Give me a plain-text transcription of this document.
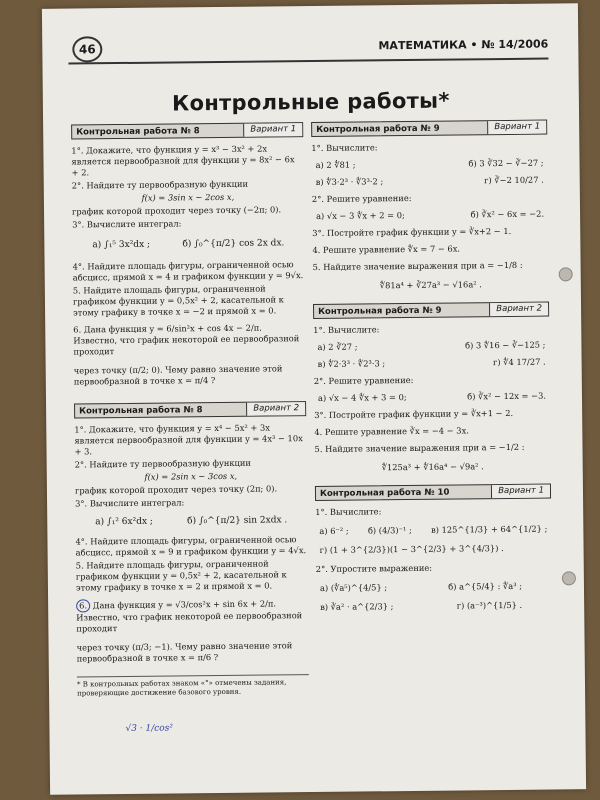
46	МАТЕМАТИКА • № 14/2006
Контрольные работы*
Контрольная работа № 8	Вариант 1

1°. Докажите, что функция y = x³ − 3x² + 2x является первообразной для функции y = 8x² − 6x + 2.

2°. Найдите ту первообразную функции

f(x) = 3sin x − 2cos x,

график которой проходит через точку (−2π; 0).

3°. Вычислите интеграл:

а) ∫₁⁵ 3x²dx ;	б) ∫₀^{π/2} cos 2x dx.

4°. Найдите площадь фигуры, ограниченной осью абсцисс, прямой x = 4 и графиком функции y = 9√x.

5. Найдите площадь фигуры, ограниченной графиком функции y = 0,5x² + 2, касательной к этому графику в точке x = −2 и прямой x = 0.

6. Дана функция y = 6/sin²x + cos 4x − 2/π. Известно, что график некоторой ее первообразной проходит

через точку (π/2; 0). Чему равно значение этой первообразной в точке x = π/4 ?

Контрольная работа № 8	Вариант 2

1°. Докажите, что функция y = x⁴ − 5x² + 3x является первообразной для функции y = 4x³ − 10x + 3.

2°. Найдите ту первообразную функции

f(x) = 2sin x − 3cos x,

график которой проходит через точку (2π; 0).

3°. Вычислите интеграл:

а) ∫₁² 6x²dx ;	б) ∫₀^{π/2} sin 2xdx .

4°. Найдите площадь фигуры, ограниченной осью абсцисс, прямой x = 9 и графиком функции y = 4√x.

5. Найдите площадь фигуры, ограниченной графиком функции y = 0,5x² + 2, касательной к этому графику в точке x = 2 и прямой x = 0.

6. Дана функция y = √3/cos²x + sin 6x + 2/π. Известно, что график некоторой ее первообразной проходит

через точку (π/3; −1). Чему равно значение этой первообразной в точке x = π/6 ?

* В контрольных работах знаком «°» отмечены задания, проверяющие достижение базового уровня.
Контрольная работа № 9	Вариант 1

1°. Вычислите:

а) 2 ∜81 ;	б) 3 ∛32 − ∛−27 ;
в) ∜3·2³ · ∜3³·2 ;	г) ∛−2 10/27 .

2°. Решите уравнение:

а) √x − 3 ∜x + 2 = 0;	б) ∛x² − 6x = −2.

3°. Постройте график функции y = ∛x+2 − 1.

4. Решите уравнение ∜x = 7 − 6x.

5. Найдите значение выражения при a = −1/8 :

∜81a⁴ + ∛27a³ − √16a² .

Контрольная работа № 9	Вариант 2

1°. Вычислите:

а) 2 ∛27 ;	б) 3 ∜16 − ∛−125 ;
в) ∜2·3³ · ∜2³·3 ;	г) ∜4 17/27 .

2°. Решите уравнение:

а) √x − 4 ∜x + 3 = 0;	б) ∛x² − 12x = −3.

3°. Постройте график функции y = ∛x+1 − 2.

4. Решите уравнение ∛x = −4 − 3x.

5. Найдите значение выражения при a = −1/2 :

∜125a³ + ∜16a⁴ − √9a² .

Контрольная работа № 10	Вариант 1

1°. Вычислите:

а) 6⁻² ; б) (4/3)⁻¹ ; в) 125^{1/3} + 64^{1/2} ;

г) (1 + 3^{2/3})(1 − 3^{2/3} + 3^{4/3}) .

2°. Упростите выражение:

а) (∜a⁵)^{4/5} ;	б) a^{5/4} : ∜a³ ;
в) ∛a² · a^{2/3} ;	г) (a⁻³)^{1/5} .
√3 · 1/cos²
